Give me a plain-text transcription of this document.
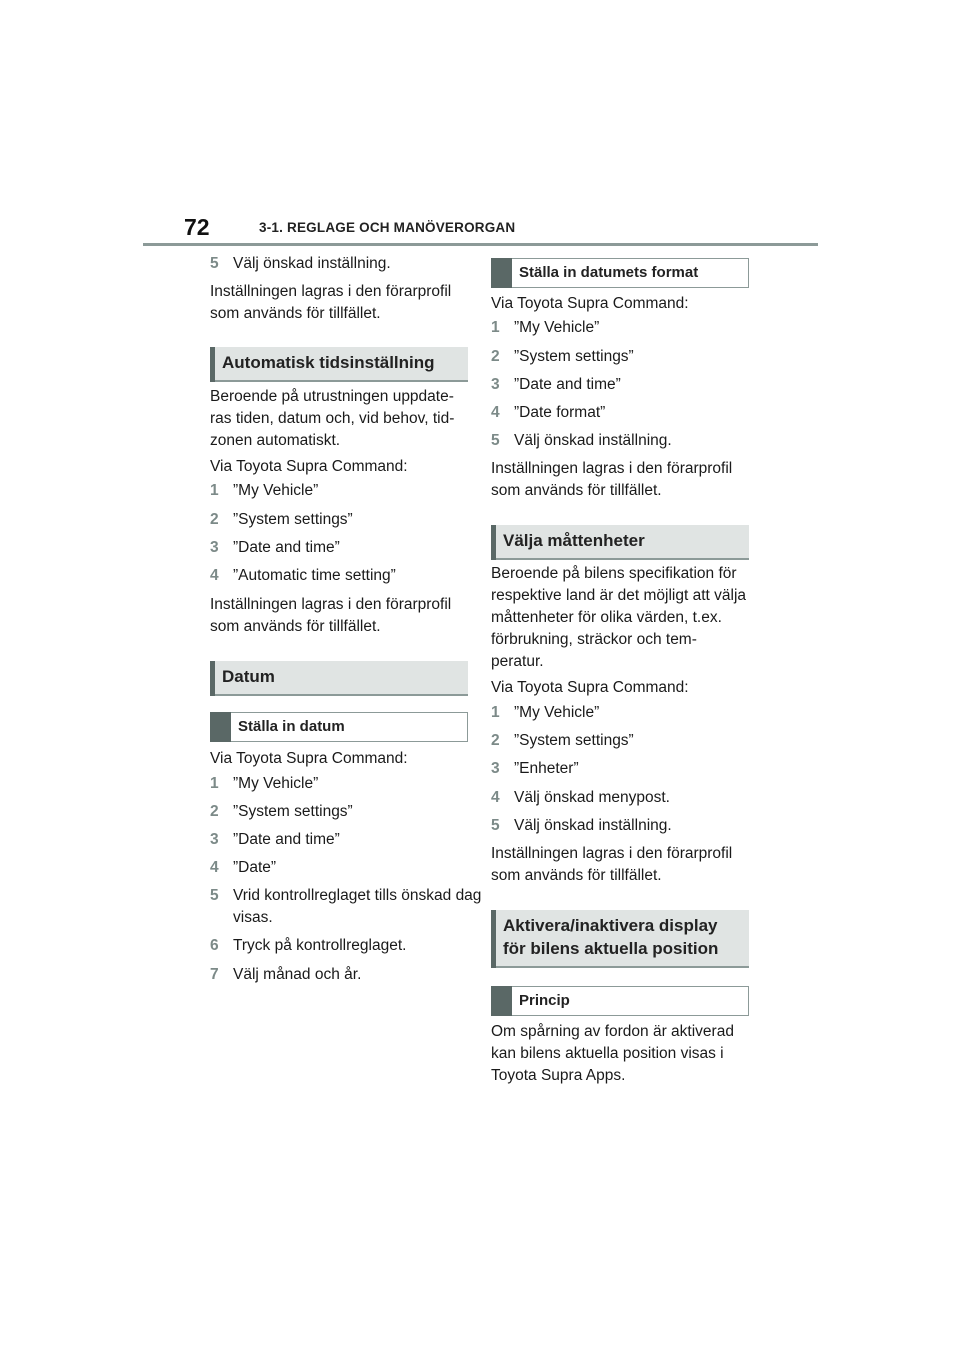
72	3-1. REGLAGE OCH MANÖVERORGAN

5 Välj önskad inställning.

Inställningen lagras i den förarprofil som används för tillfället.

Automatisk tidsinställning

Beroende på utrustningen uppdate-ras tiden, datum och, vid behov, tid-zonen automatiskt.

Via Toyota Supra Command:

1 ”My Vehicle”

2 ”System settings”

3 ”Date and time”

4 ”Automatic time setting”

Inställningen lagras i den förarprofil som används för tillfället.

Datum
Ställa in datum

Via Toyota Supra Command:

1 ”My Vehicle”

2 ”System settings”

3 ”Date and time”

4 ”Date”

5 Vrid kontrollreglaget tills önskad dag visas.

6 Tryck på kontrollreglaget.

7 Välj månad och år.

Ställa in datumets format

Via Toyota Supra Command:

1 ”My Vehicle”

2 ”System settings”

3 ”Date and time”

4 ”Date format”

5 Välj önskad inställning.

Inställningen lagras i den förarprofil som används för tillfället.

Välja måttenheter

Beroende på bilens specifikation för respektive land är det möjligt att välja måttenheter för olika värden, t.ex. förbrukning, sträckor och tem-peratur.

Via Toyota Supra Command:

1 ”My Vehicle”

2 ”System settings”

3 ”Enheter”

4 Välj önskad menypost.

5 Välj önskad inställning.

Inställningen lagras i den förarprofil som används för tillfället.

Aktivera/inaktivera display för bilens aktuella position
Princip

Om spårning av fordon är aktiverad kan bilens aktuella position visas i Toyota Supra Apps.
